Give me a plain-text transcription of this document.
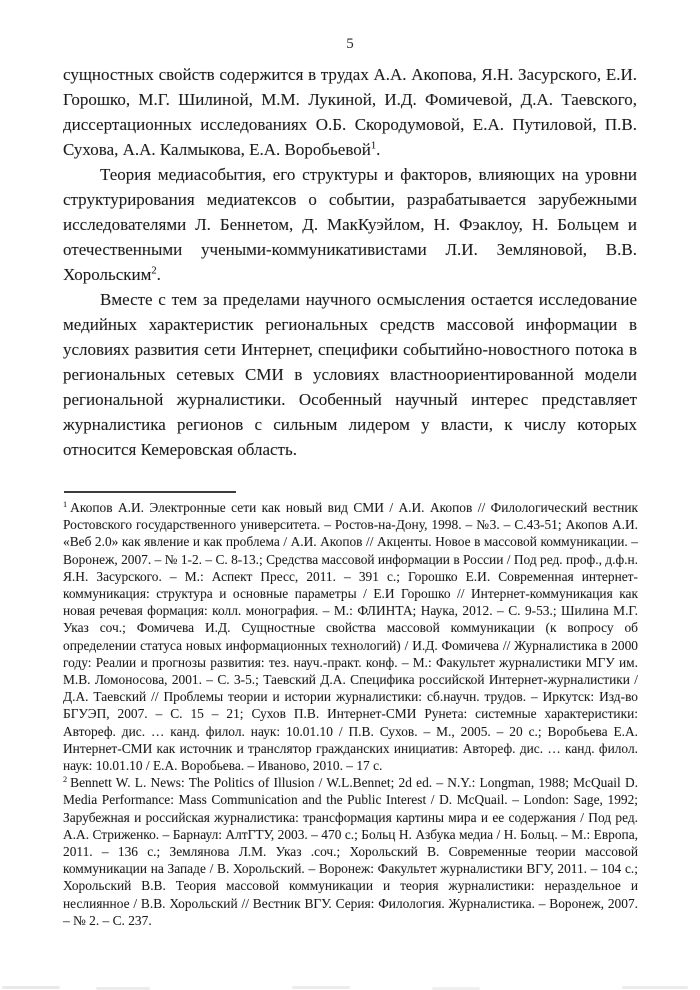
5

сущностных свойств содержится в трудах А.А. Акопова, Я.Н. Засурского, Е.И. Горошко, М.Г. Шилиной, М.М. Лукиной, И.Д. Фомичевой, Д.А. Таевского, диссертационных исследованиях О.Б. Скородумовой, Е.А. Путиловой, П.В. Сухова, А.А. Калмыкова, Е.А. Воробьевой$^1$.

Теория медиасобытия, его структуры и факторов, влияющих на уровни структурирования медиатексов о событии, разрабатывается зарубежными исследователями Л. Беннетом, Д. МакКуэйлом, Н. Фэаклоу, Н. Больцем и отечественными учеными-коммуникативистами Л.И. Земляновой, В.В. Хорольским$^2$.

Вместе с тем за пределами научного осмысления остается исследование медийных характеристик региональных средств массовой информации в условиях развития сети Интернет, специфики событийно-новостного потока в региональных сетевых СМИ в условиях властноориентированной модели региональной журналистики. Особенный научный интерес представляет журналистика регионов с сильным лидером у власти, к числу которых относится Кемеровская область.

$^1$ Акопов А.И. Электронные сети как новый вид СМИ / А.И. Акопов // Филологический вестник Ростовского государственного университета. – Ростов-на-Дону, 1998. – №3. – С.43-51; Акопов А.И. «Веб 2.0» как явление и как проблема / А.И. Акопов // Акценты. Новое в массовой коммуникации. – Воронеж, 2007. – № 1-2. – С. 8-13.; Средства массовой информации в России / Под ред. проф., д.ф.н. Я.Н. Засурского. – М.: Аспект Пресс, 2011. – 391 с.; Горошко Е.И. Современная интернет-коммуникация: структура и основные параметры / Е.И Горошко // Интернет-коммуникация как новая речевая формация: колл. монография. – М.: ФЛИНТА; Наука, 2012. – С. 9-53.; Шилина М.Г. Указ соч.; Фомичева И.Д. Сущностные свойства массовой коммуникации (к вопросу об определении статуса новых информационных технологий) / И.Д. Фомичева // Журналистика в 2000 году: Реалии и прогнозы развития: тез. науч.-практ. конф. – М.: Факультет журналистики МГУ им. М.В. Ломоносова, 2001. – С. 3-5.; Таевский Д.А. Специфика российской Интернет-журналистики / Д.А. Таевский // Проблемы теории и истории журналистики: сб.научн. трудов. – Иркутск: Изд-во БГУЭП, 2007. – С. 15 – 21; Сухов П.В. Интернет-СМИ Рунета: системные характеристики: Автореф. дис. … канд. филол. наук: 10.01.10 / П.В. Сухов. – М., 2005. – 20 с.; Воробьева Е.А. Интернет-СМИ как источник и транслятор гражданских инициатив: Автореф. дис. … канд. филол. наук: 10.01.10 / Е.А. Воробьева. – Иваново, 2010. – 17 с.

$^2$ Bennett W. L. News: The Politics of Illusion / W.L.Bennet; 2d ed. – N.Y.: Longman, 1988; McQuail D. Media Performance: Mass Communication and the Public Interest / D. McQuail. – London: Sage, 1992; Зарубежная и российская журналистика: трансформация картины мира и ее содержания / Под ред. А.А. Стриженко. – Барнаул: АлтГТУ, 2003. – 470 с.; Больц Н. Азбука медиа / Н. Больц. – М.: Европа, 2011. – 136 с.; Землянова Л.М. Указ .соч.; Хорольский В. Современные теории массовой коммуникации на Западе / В. Хорольский. – Воронеж: Факультет журналистики ВГУ, 2011. – 104 с.; Хорольский В.В. Теория массовой коммуникации и теория журналистики: нераздельное и неслиянное / В.В. Хорольский // Вестник ВГУ. Серия: Филология. Журналистика. – Воронеж, 2007. – № 2. – С. 237.
